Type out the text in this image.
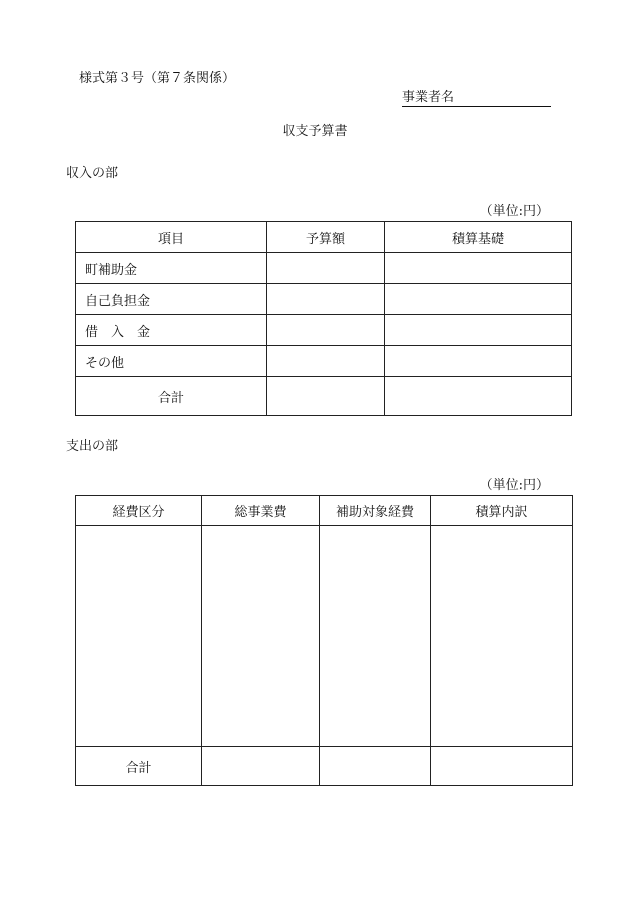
様式第３号（第７条関係）
事業者名
収支予算書
収入の部
（単位:円）
項目	予算額	積算基礎
町補助金		
自己負担金		
借　入　金		
その他		
合計		
支出の部
（単位:円）
経費区分	総事業費	補助対象経費	積算内訳

合計			
